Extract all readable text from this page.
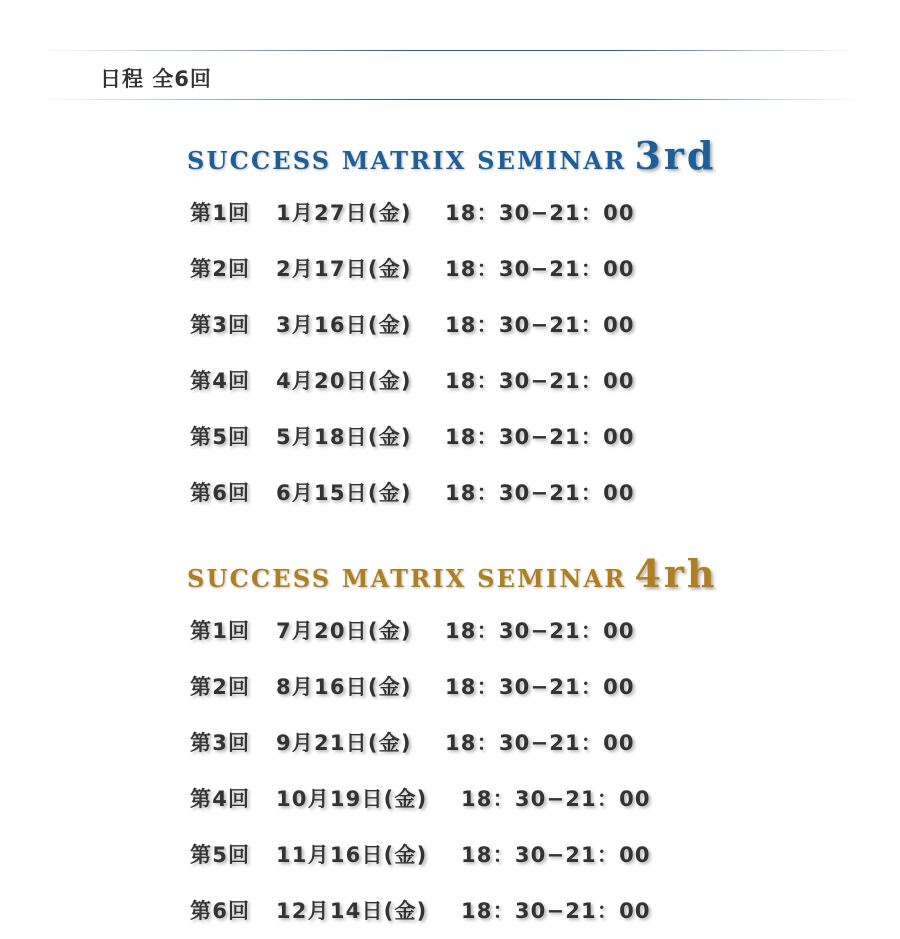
日程 全6回
SUCCESS MATRIX SEMINAR 3rd
第1回 1月27日(金) 18：30−21：00
第2回 2月17日(金) 18：30−21：00
第3回 3月16日(金) 18：30−21：00
第4回 4月20日(金) 18：30−21：00
第5回 5月18日(金) 18：30−21：00
第6回 6月15日(金) 18：30−21：00
SUCCESS MATRIX SEMINAR 4rh
第1回 7月20日(金) 18：30−21：00
第2回 8月16日(金) 18：30−21：00
第3回 9月21日(金) 18：30−21：00
第4回 10月19日(金) 18：30−21：00
第5回 11月16日(金) 18：30−21：00
第6回 12月14日(金) 18：30−21：00
